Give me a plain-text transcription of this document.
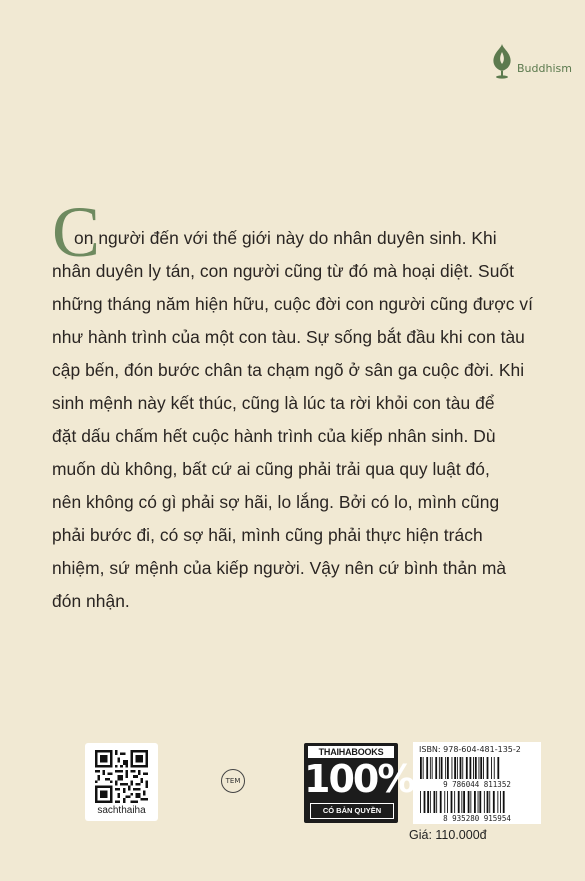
Buddhism
C
on người đến với thế giới này do nhân duyên sinh. Khi
nhân duyên ly tán, con người cũng từ đó mà hoại diệt. Suốt
những tháng năm hiện hữu, cuộc đời con người cũng được ví
như hành trình của một con tàu. Sự sống bắt đầu khi con tàu
cập bến, đón bước chân ta chạm ngõ ở sân ga cuộc đời. Khi
sinh mệnh này kết thúc, cũng là lúc ta rời khỏi con tàu để
đặt dấu chấm hết cuộc hành trình của kiếp nhân sinh. Dù
muốn dù không, bất cứ ai cũng phải trải qua quy luật đó,
nên không có gì phải sợ hãi, lo lắng. Bởi có lo, mình cũng
phải bước đi, có sợ hãi, mình cũng phải thực hiện trách
nhiệm, sứ mệnh của kiếp người. Vậy nên cứ bình thản mà
đón nhận.
sachthaiha
TEM
THAIHABOOKS
100%
CÓ BẢN QUYỀN
ISBN: 978-604-481-135-2
9 786044 811352
8 935280 915954
Giá: 110.000đ
